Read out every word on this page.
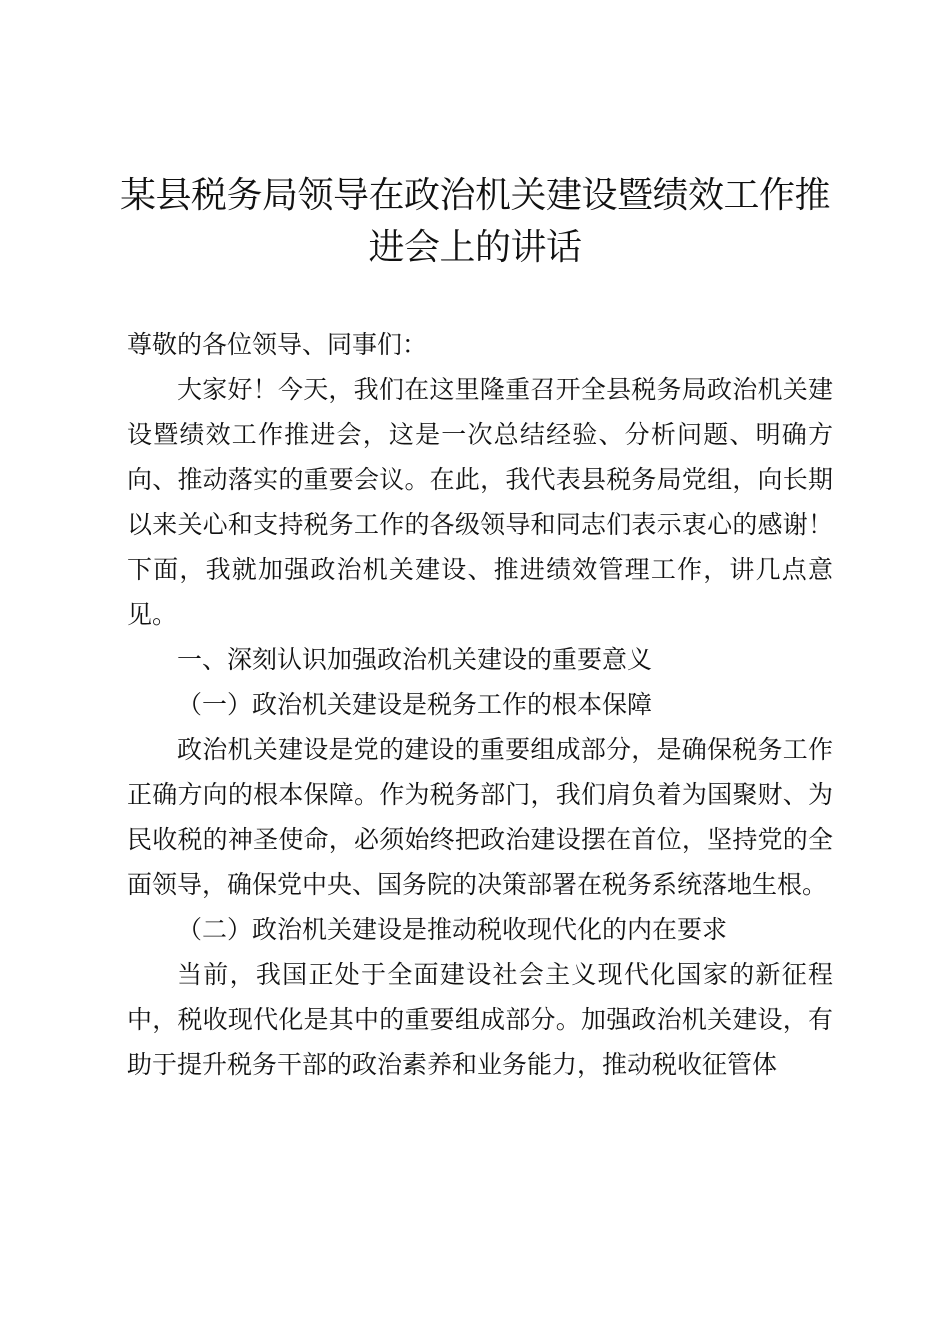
某县税务局领导在政治机关建设暨绩效工作推进会上的讲话

尊敬的各位领导、同事们：

大家好！今天，我们在这里隆重召开全县税务局政治机关建设暨绩效工作推进会，这是一次总结经验、分析问题、明确方向、推动落实的重要会议。在此，我代表县税务局党组，向长期以来关心和支持税务工作的各级领导和同志们表示衷心的感谢！下面，我就加强政治机关建设、推进绩效管理工作，讲几点意见。

一、深刻认识加强政治机关建设的重要意义

（一）政治机关建设是税务工作的根本保障

政治机关建设是党的建设的重要组成部分，是确保税务工作正确方向的根本保障。作为税务部门，我们肩负着为国聚财、为民收税的神圣使命，必须始终把政治建设摆在首位，坚持党的全面领导，确保党中央、国务院的决策部署在税务系统落地生根。

（二）政治机关建设是推动税收现代化的内在要求

当前，我国正处于全面建设社会主义现代化国家的新征程中，税收现代化是其中的重要组成部分。加强政治机关建设，有助于提升税务干部的政治素养和业务能力，推动税收征管体
